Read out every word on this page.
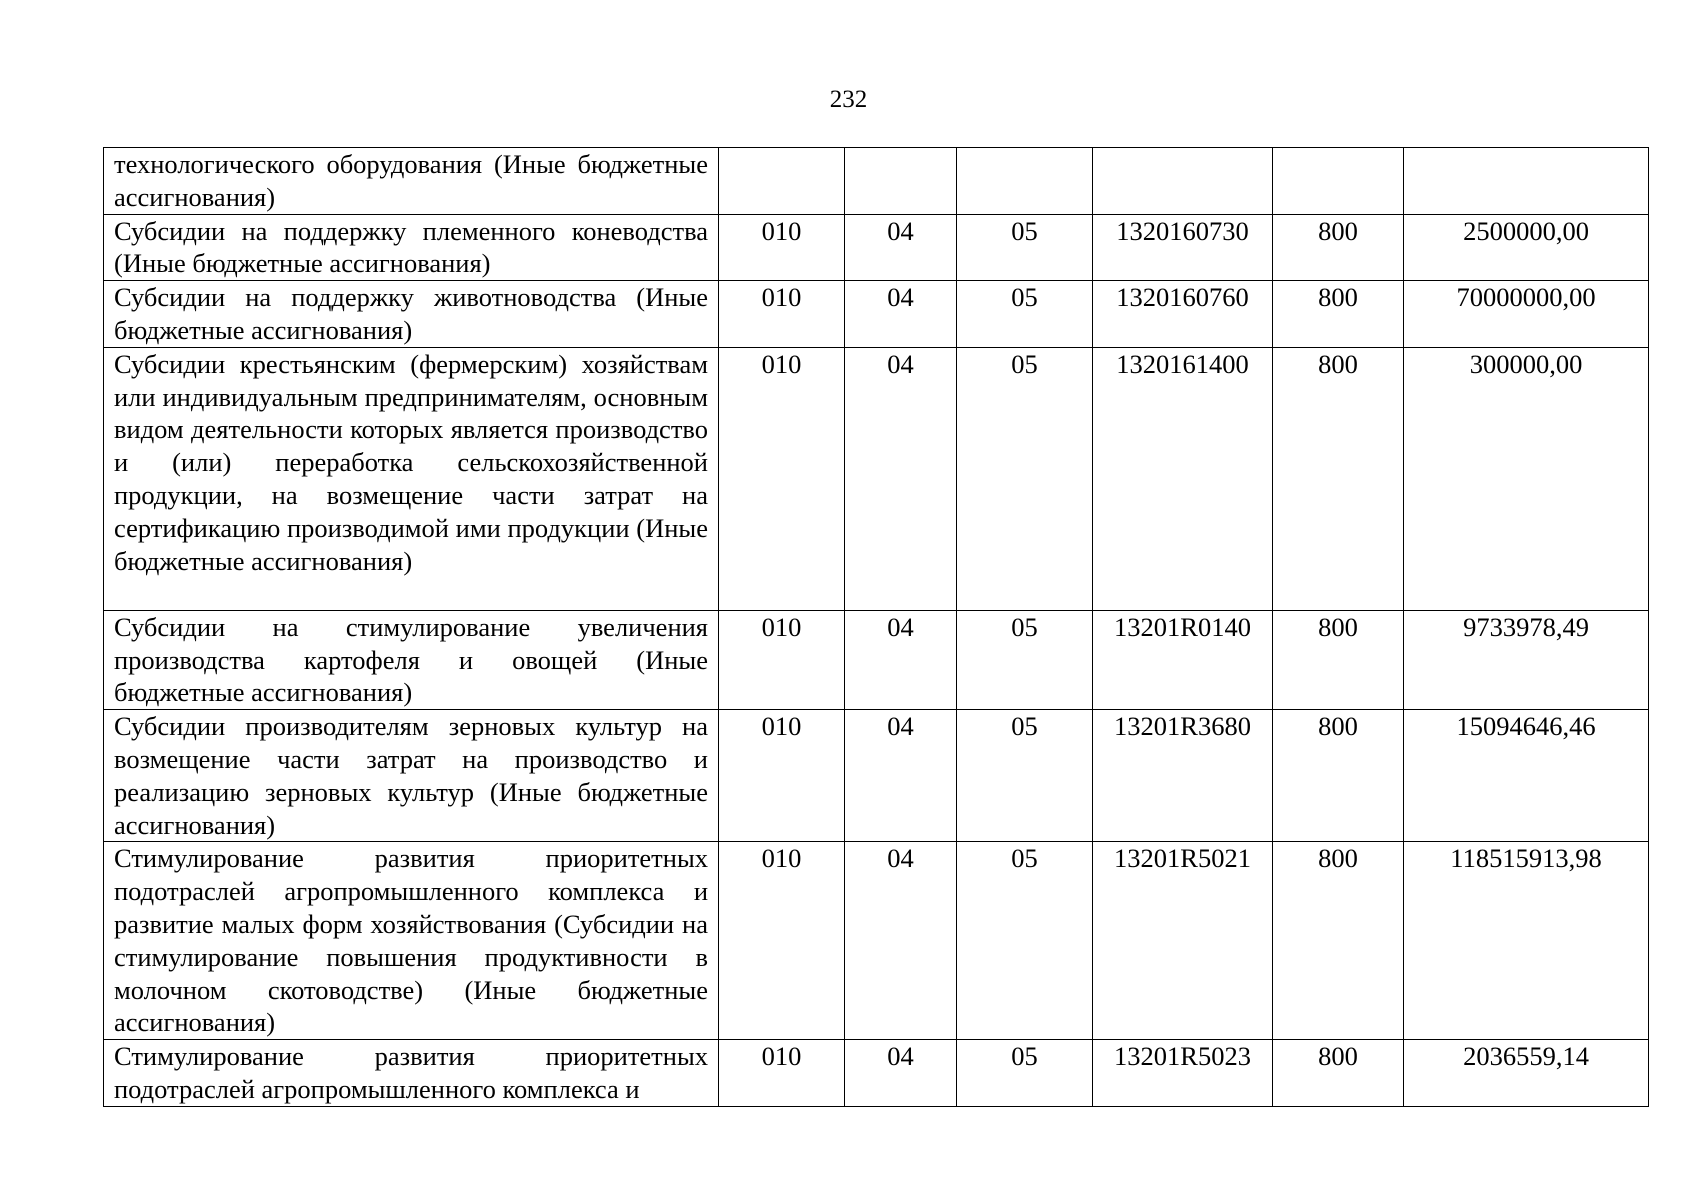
232
технологического оборудования (Иные бюджетные ассигнования)						
Субсидии на поддержку племенного коневодства (Иные бюджетные ассигнования)	010	04	05	1320160730	800	2500000,00
Субсидии на поддержку животноводства (Иные бюджетные ассигнования)	010	04	05	1320160760	800	70000000,00
Субсидии крестьянским (фермерским) хозяйствам или индивидуальным предпринимателям, основным видом деятельности которых является производство и (или) переработка сельскохозяйственной продукции, на возмещение части затрат на сертификацию производимой ими продукции (Иные бюджетные ассигнования)	010	04	05	1320161400	800	300000,00
Субсидии на стимулирование увеличения производства картофеля и овощей (Иные бюджетные ассигнования)	010	04	05	13201R0140	800	9733978,49
Субсидии производителям зерновых культур на возмещение части затрат на производство и реализацию зерновых культур (Иные бюджетные ассигнования)	010	04	05	13201R3680	800	15094646,46
Стимулирование развития приоритетных подотраслей агропромышленного комплекса и развитие малых форм хозяйствования (Субсидии на стимулирование повышения продуктивности в молочном скотоводстве) (Иные бюджетные ассигнования)	010	04	05	13201R5021	800	118515913,98
Стимулирование развития приоритетных подотраслей агропромышленного комплекса и	010	04	05	13201R5023	800	2036559,14
